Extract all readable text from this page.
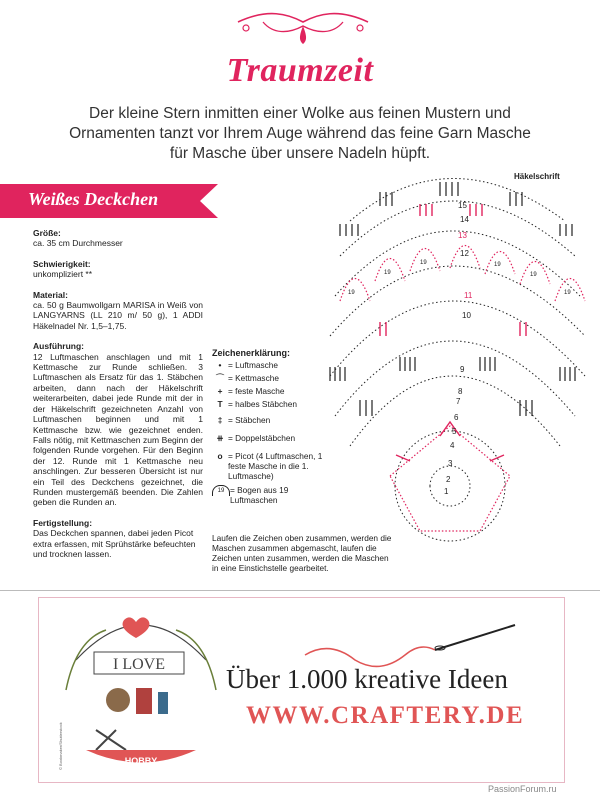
Traumzeit
Der kleine Stern inmitten einer Wolke aus feinen Mustern und Ornamenten tanzt vor Ihrem Auge während das feine Garn Masche für Masche über unsere Nadeln hüpft.
Weißes Deckchen
Größe:

ca. 35 cm Durchmesser

Schwierigkeit:

unkompliziert **

Material:

ca. 50 g Baumwollgarn MARISA in Weiß von LANGYARNS (LL 210 m/ 50 g), 1 ADDI Häkelnadel Nr. 1,5–1,75.

Ausführung:

12 Luftmaschen anschlagen und mit 1 Kettmasche zur Runde schließen. 3 Luftmaschen als Ersatz für das 1. Stäbchen arbeiten, dann nach der Häkelschrift weiterarbeiten, dabei jede Runde mit der in der Häkelschrift gezeichneten Anzahl von Luftmaschen beginnen und mit 1 Kettmasche bzw. wie gezeichnet enden. Falls nötig, mit Kettmaschen zum Beginn der folgenden Runde vorgehen. Für den Beginn der 12. Runde mit 1 Kettmasche neu anschlingen. Zur besseren Übersicht ist nur ein Teil des Deckchens gezeichnet, die Runden mustergemäß beenden. Die Zahlen geben die Runden an.

Fertigstellung:

Das Deckchen spannen, dabei jeden Picot extra erfassen, mit Sprühstärke befeuchten und trocknen lassen.

Häkelschrift
Zeichenerklärung:
• = Luftmasche
⌒ = Kettmasche
+ = feste Masche
T = halbes Stäbchen
‡ = Stäbchen
⧺ = Doppelstäbchen
o = Picot (4 Luftmaschen, 1 feste Masche in die 1. Luftmasche)
19 = Bogen aus 19 Luftmaschen
Laufen die Zeichen oben zusammen, werden die Maschen zusammen abgemascht, laufen die Zeichen unten zusammen, werden die Maschen in eine Einstichstelle gearbeitet.
15
14
13
12
11
10
9
8
7
6
5
4
3
2
1
19
19
19	19
19
19
I LOVE
HOBBY
© Bookmaker/Shutterstock
Über 1.000 kreative Ideen
WWW.CRAFTERY.DE
PassionForum.ru
